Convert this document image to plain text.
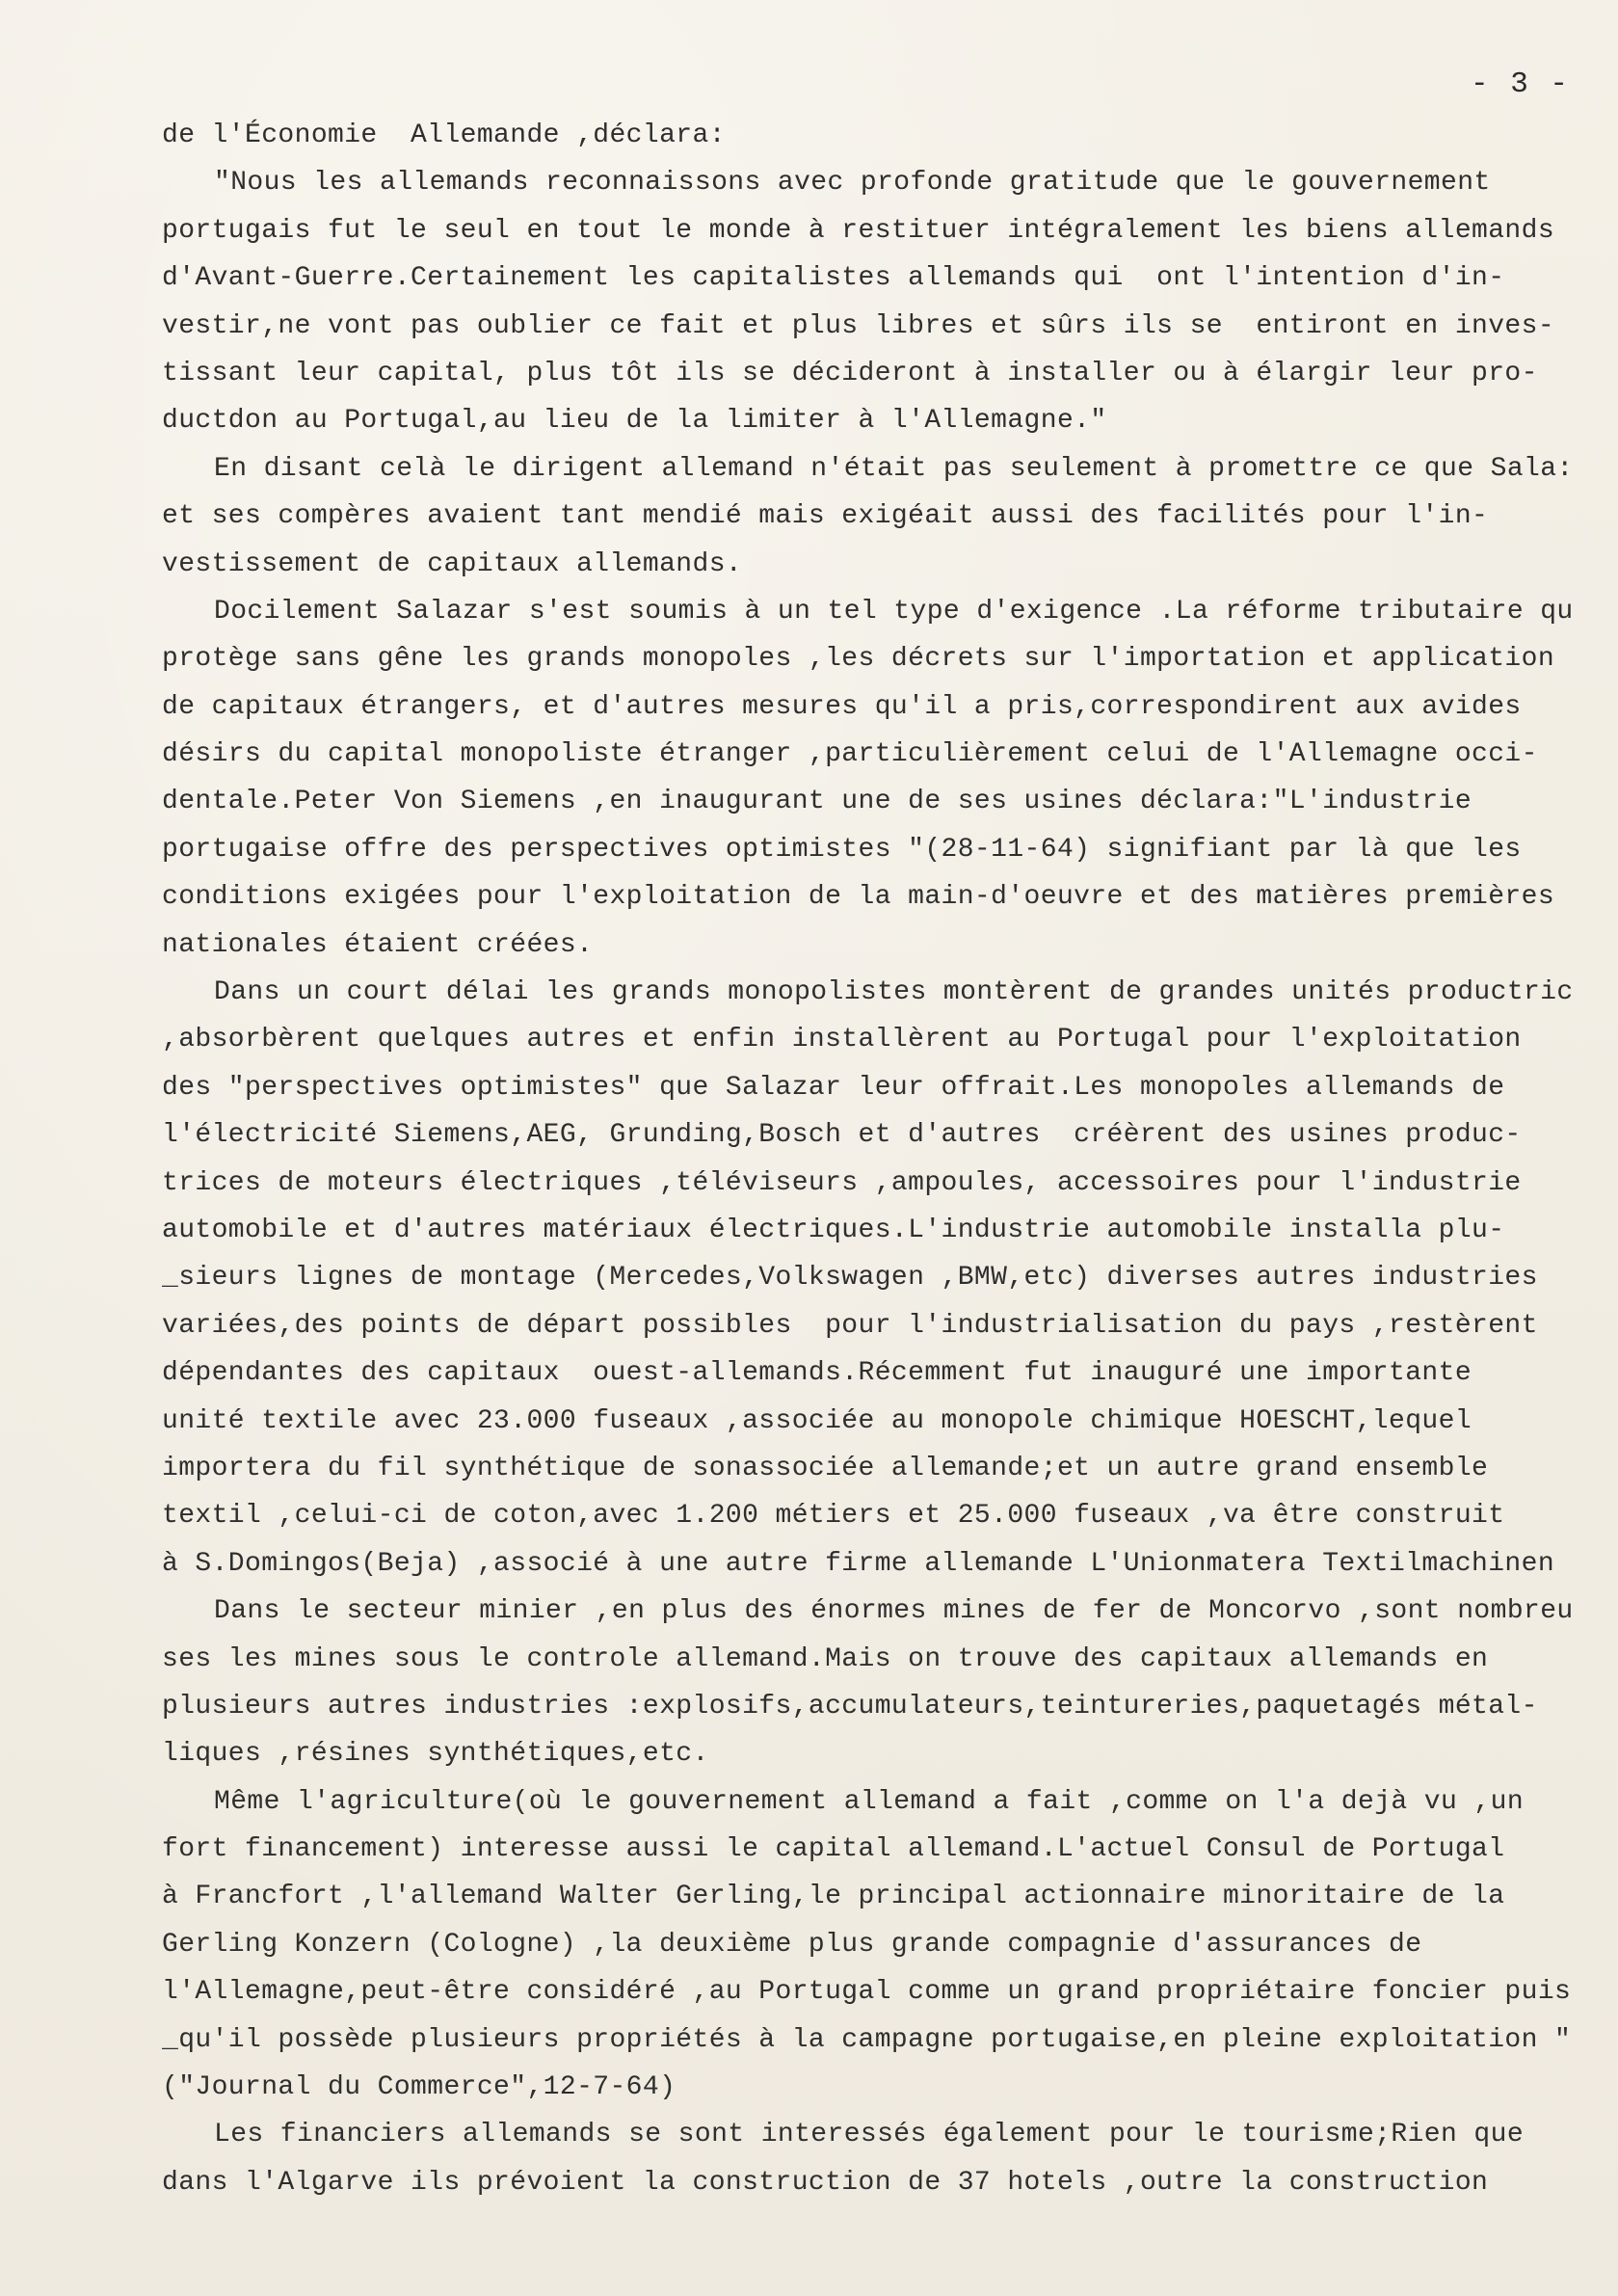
- 3 -
de l'Économie  Allemande ,déclara:
"Nous les allemands reconnaissons avec profonde gratitude que le gouvernement
portugais fut le seul en tout le monde à restituer intégralement les biens allemands
d'Avant-Guerre.Certainement les capitalistes allemands qui  ont l'intention d'in-
vestir,ne vont pas oublier ce fait et plus libres et sûrs ils se  entiront en inves-
tissant leur capital, plus tôt ils se décideront à installer ou à élargir leur pro-
ductdon au Portugal,au lieu de la limiter à l'Allemagne."
En disant celà le dirigent allemand n'était pas seulement à promettre ce que Sala:
et ses compères avaient tant mendié mais exigéait aussi des facilités pour l'in-
vestissement de capitaux allemands.
Docilement Salazar s'est soumis à un tel type d'exigence .La réforme tributaire qu
protège sans gêne les grands monopoles ,les décrets sur l'importation et application
de capitaux étrangers, et d'autres mesures qu'il a pris,correspondirent aux avides
désirs du capital monopoliste étranger ,particulièrement celui de l'Allemagne occi-
dentale.Peter Von Siemens ,en inaugurant une de ses usines déclara:"L'industrie
portugaise offre des perspectives optimistes "(28-11-64) signifiant par là que les
conditions exigées pour l'exploitation de la main-d'oeuvre et des matières premières
nationales étaient créées.
Dans un court délai les grands monopolistes montèrent de grandes unités productric
,absorbèrent quelques autres et enfin installèrent au Portugal pour l'exploitation
des "perspectives optimistes" que Salazar leur offrait.Les monopoles allemands de
l'électricité Siemens,AEG, Grunding,Bosch et d'autres  créèrent des usines produc-
trices de moteurs électriques ,téléviseurs ,ampoules, accessoires pour l'industrie
automobile et d'autres matériaux électriques.L'industrie automobile installa plu-
_sieurs lignes de montage (Mercedes,Volkswagen ,BMW,etc) diverses autres industries
variées,des points de départ possibles  pour l'industrialisation du pays ,restèrent
dépendantes des capitaux  ouest-allemands.Récemment fut inauguré une importante
unité textile avec 23.000 fuseaux ,associée au monopole chimique HOESCHT,lequel
importera du fil synthétique de sonassociée allemande;et un autre grand ensemble
textil ,celui-ci de coton,avec 1.200 métiers et 25.000 fuseaux ,va être construit
à S.Domingos(Beja) ,associé à une autre firme allemande L'Unionmatera Textilmachinen
Dans le secteur minier ,en plus des énormes mines de fer de Moncorvo ,sont nombreu
ses les mines sous le controle allemand.Mais on trouve des capitaux allemands en
plusieurs autres industries :explosifs,accumulateurs,teintureries,paquetagés métal-
liques ,résines synthétiques,etc.
Même l'agriculture(où le gouvernement allemand a fait ,comme on l'a dejà vu ,un
fort financement) interesse aussi le capital allemand.L'actuel Consul de Portugal
à Francfort ,l'allemand Walter Gerling,le principal actionnaire minoritaire de la
Gerling Konzern (Cologne) ,la deuxième plus grande compagnie d'assurances de
l'Allemagne,peut-être considéré ,au Portugal comme un grand propriétaire foncier puis
_qu'il possède plusieurs propriétés à la campagne portugaise,en pleine exploitation "
("Journal du Commerce",12-7-64)
Les financiers allemands se sont interessés également pour le tourisme;Rien que
dans l'Algarve ils prévoient la construction de 37 hotels ,outre la construction
